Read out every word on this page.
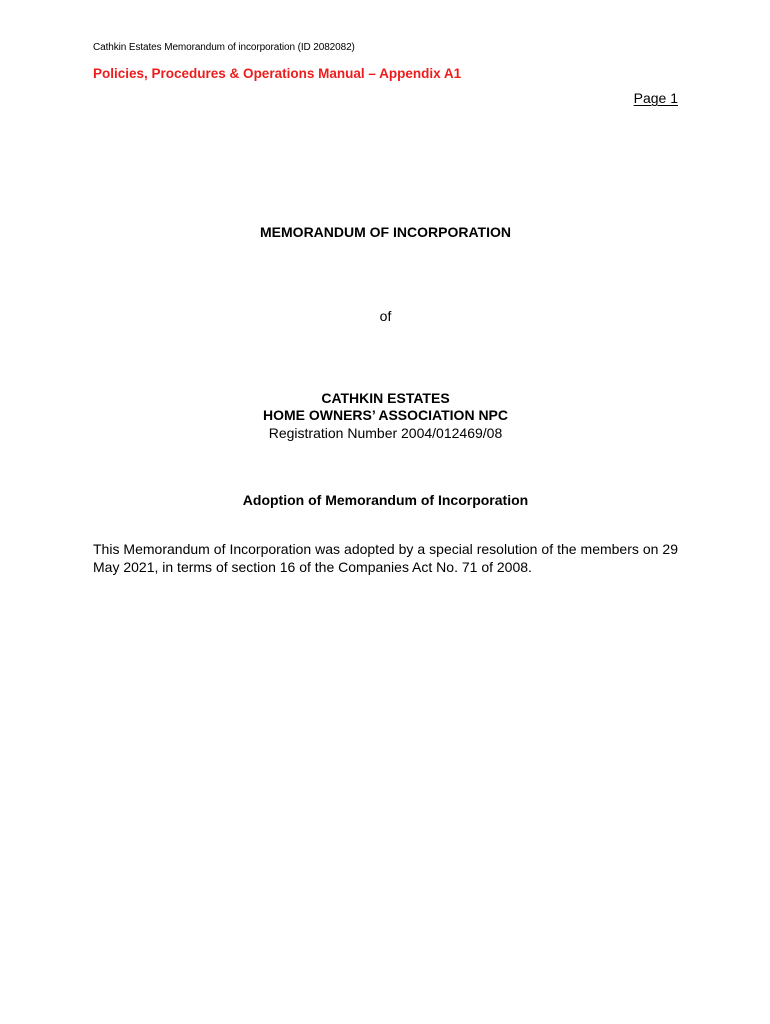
Cathkin Estates Memorandum of incorporation (ID 2082082)
Policies, Procedures & Operations Manual – Appendix A1
Page 1
MEMORANDUM OF INCORPORATION
of
CATHKIN ESTATES
HOME OWNERS’ ASSOCIATION NPC
Registration Number 2004/012469/08
Adoption of Memorandum of Incorporation
This Memorandum of Incorporation was adopted by a special resolution of the members on 29 May 2021, in terms of section 16 of the Companies Act No. 71 of 2008.
